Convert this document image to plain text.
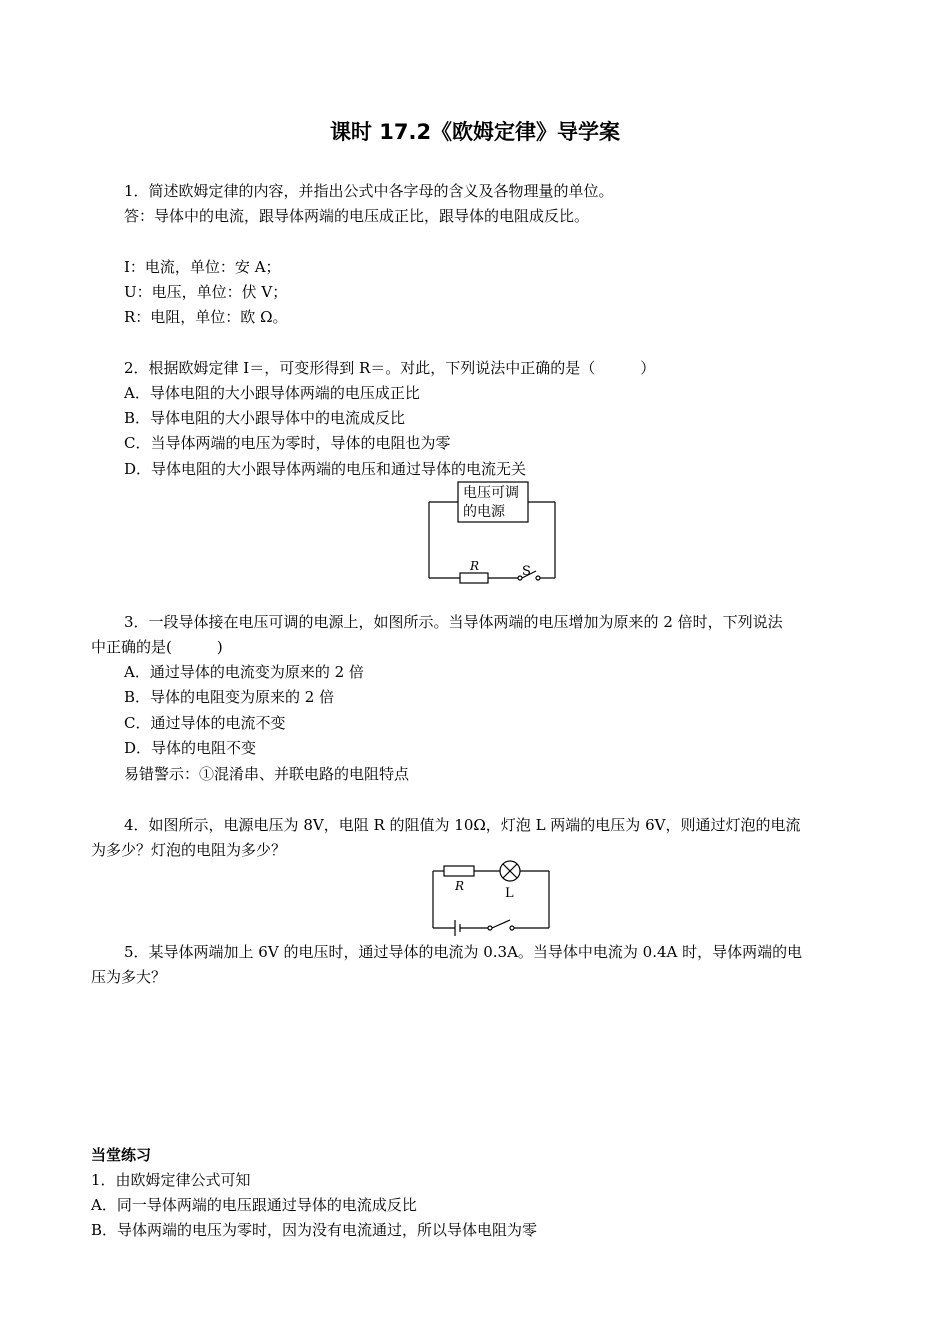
课时 17.2《欧姆定律》导学案
1．简述欧姆定律的内容，并指出公式中各字母的含义及各物理量的单位。
答：导体中的电流，跟导体两端的电压成正比，跟导体的电阻成反比。
I：电流，单位：安 A；
U：电压，单位：伏 V；
R：电阻，单位：欧 Ω。
2．根据欧姆定律 I＝，可变形得到 R＝。对此，下列说法中正确的是（　　　）
A．导体电阻的大小跟导体两端的电压成正比
B．导体电阻的大小跟导体中的电流成反比
C．当导体两端的电压为零时，导体的电阻也为零
D．导体电阻的大小跟导体两端的电压和通过导体的电流无关
电压可调
的电源
R	S
3．一段导体接在电压可调的电源上，如图所示。当导体两端的电压增加为原来的 2 倍时，下列说法
中正确的是(　　　)
A．通过导体的电流变为原来的 2 倍
B．导体的电阻变为原来的 2 倍
C．通过导体的电流不变
D．导体的电阻不变
易错警示：①混淆串、并联电路的电阻特点
4．如图所示，电源电压为 8V，电阻 R 的阻值为 10Ω，灯泡 L 两端的电压为 6V，则通过灯泡的电流
为多少？灯泡的电阻为多少？
R	L
5．某导体两端加上 6V 的电压时，通过导体的电流为 0.3A。当导体中电流为 0.4A 时，导体两端的电
压为多大？
当堂练习
1．由欧姆定律公式可知
A．同一导体两端的电压跟通过导体的电流成反比
B．导体两端的电压为零时，因为没有电流通过，所以导体电阻为零
